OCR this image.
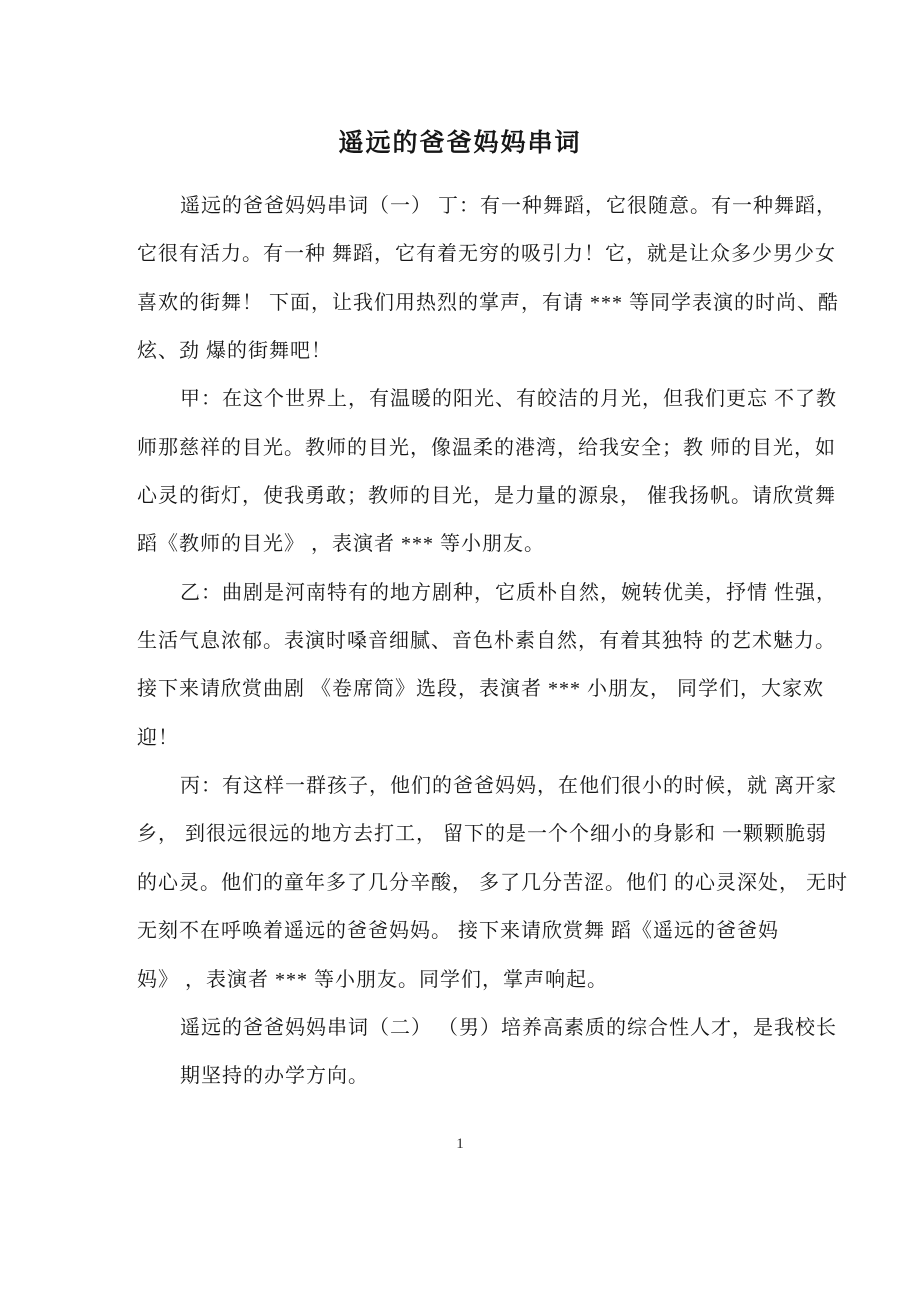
遥远的爸爸妈妈串词
遥远的爸爸妈妈串词（一） 丁：有一种舞蹈，它很随意。有一种舞蹈，
它很有活力。有一种 舞蹈，它有着无穷的吸引力！它，就是让众多少男少女
喜欢的街舞！ 下面，让我们用热烈的掌声，有请 *** 等同学表演的时尚、酷
炫、劲 爆的街舞吧！
甲：在这个世界上，有温暖的阳光、有皎洁的月光，但我们更忘 不了教
师那慈祥的目光。教师的目光，像温柔的港湾，给我安全；教 师的目光，如
心灵的街灯，使我勇敢；教师的目光，是力量的源泉， 催我扬帆。请欣赏舞
蹈《教师的目光》 ，表演者 *** 等小朋友。
乙：曲剧是河南特有的地方剧种，它质朴自然，婉转优美，抒情 性强，
生活气息浓郁。表演时嗓音细腻、音色朴素自然，有着其独特 的艺术魅力。
接下来请欣赏曲剧 《卷席筒》选段，表演者 *** 小朋友， 同学们，大家欢
迎！
丙：有这样一群孩子，他们的爸爸妈妈，在他们很小的时候，就 离开家
乡， 到很远很远的地方去打工， 留下的是一个个细小的身影和 一颗颗脆弱
的心灵。他们的童年多了几分辛酸， 多了几分苦涩。他们 的心灵深处， 无时
无刻不在呼唤着遥远的爸爸妈妈。 接下来请欣赏舞 蹈《遥远的爸爸妈
妈》 ，表演者 *** 等小朋友。同学们，掌声响起。
遥远的爸爸妈妈串词（二） （男）培养高素质的综合性人才，是我校长
期坚持的办学方向。
1
